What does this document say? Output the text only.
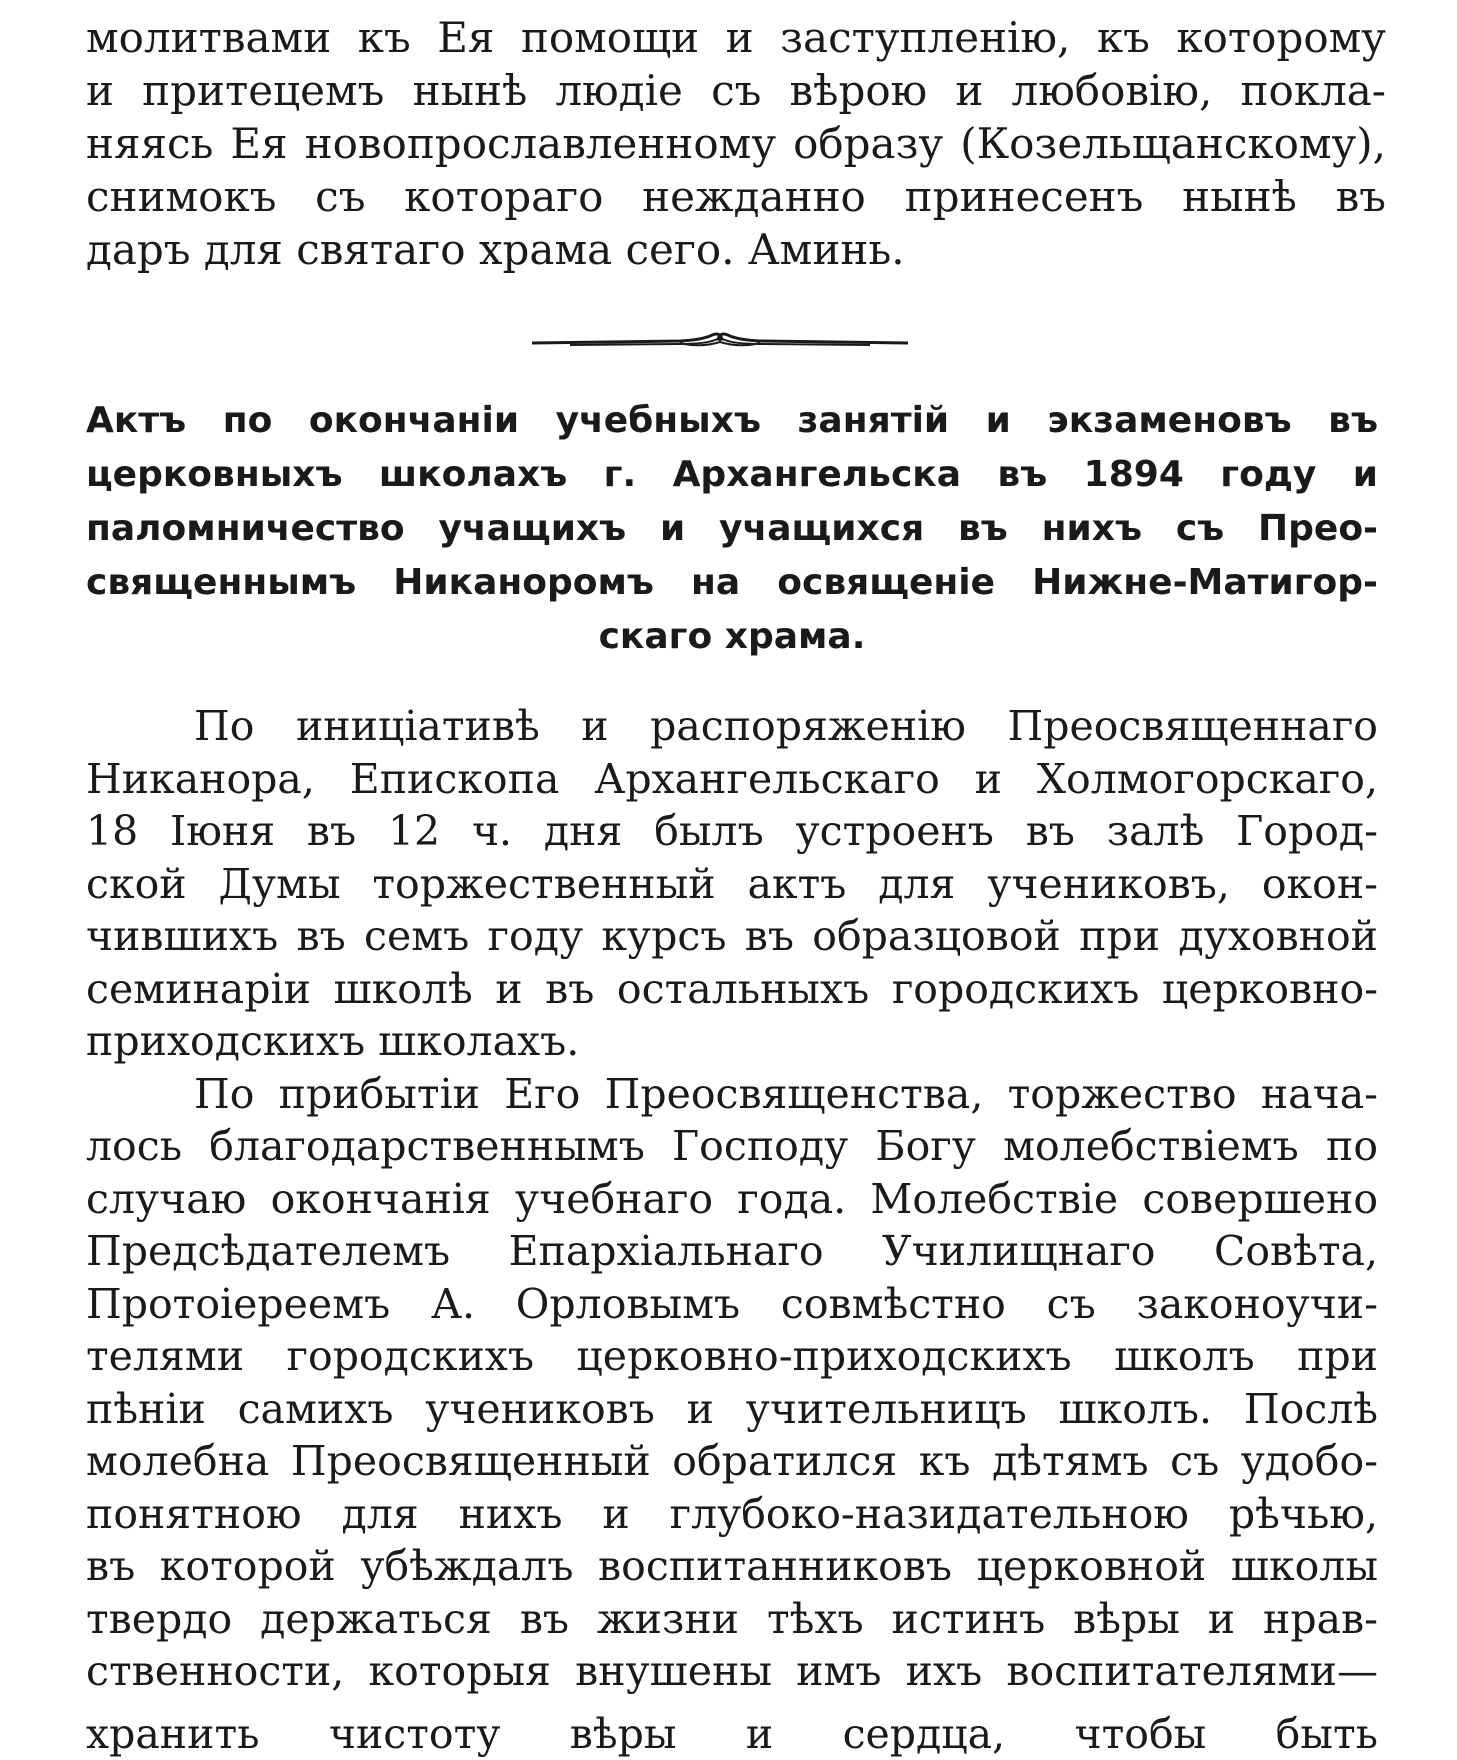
молитвами къ Ея помощи и заступленію, къ которому
и притецемъ нынѣ людіе съ вѣрою и любовію, покла-
няясь Ея новопрославленному образу (Козельщанскому),
снимокъ съ котораго нежданно принесенъ нынѣ въ
даръ для святаго храма сего. Аминь.
Актъ по окончаніи учебныхъ занятій и экзаменовъ въ
церковныхъ школахъ г. Архангельска въ 1894 году и
паломничество учащихъ и учащихся въ нихъ съ Прео-
священнымъ Никаноромъ на освященіе Нижне-Матигор-
скаго храма.
По иниціативѣ и распоряженію Преосвященнаго
Никанора, Епископа Архангельскаго и Холмогорскаго,
18 Іюня въ 12 ч. дня былъ устроенъ въ залѣ Город-
ской Думы торжественный актъ для учениковъ, окон-
чившихъ въ семъ году курсъ въ образцовой при духовной
семинаріи школѣ и въ остальныхъ городскихъ церковно-
приходскихъ школахъ.
По прибытіи Его Преосвященства, торжество нача-
лось благодарственнымъ Господу Богу молебствіемъ по
случаю окончанія учебнаго года. Молебствіе совершено
Предсѣдателемъ Епархіальнаго Училищнаго Совѣта,
Протоіереемъ А. Орловымъ совмѣстно съ законоучи-
телями городскихъ церковно-приходскихъ школъ при
пѣніи самихъ учениковъ и учительницъ школъ. Послѣ
молебна Преосвященный обратился къ дѣтямъ съ удобо-
понятною для нихъ и глубоко-назидательною рѣчью,
въ которой убѣждалъ воспитанниковъ церковной школы
твердо держаться въ жизни тѣхъ истинъ вѣры и нрав-
ственности, которыя внушены имъ ихъ воспитателями—
хранить чистоту вѣры и сердца, чтобы быть
